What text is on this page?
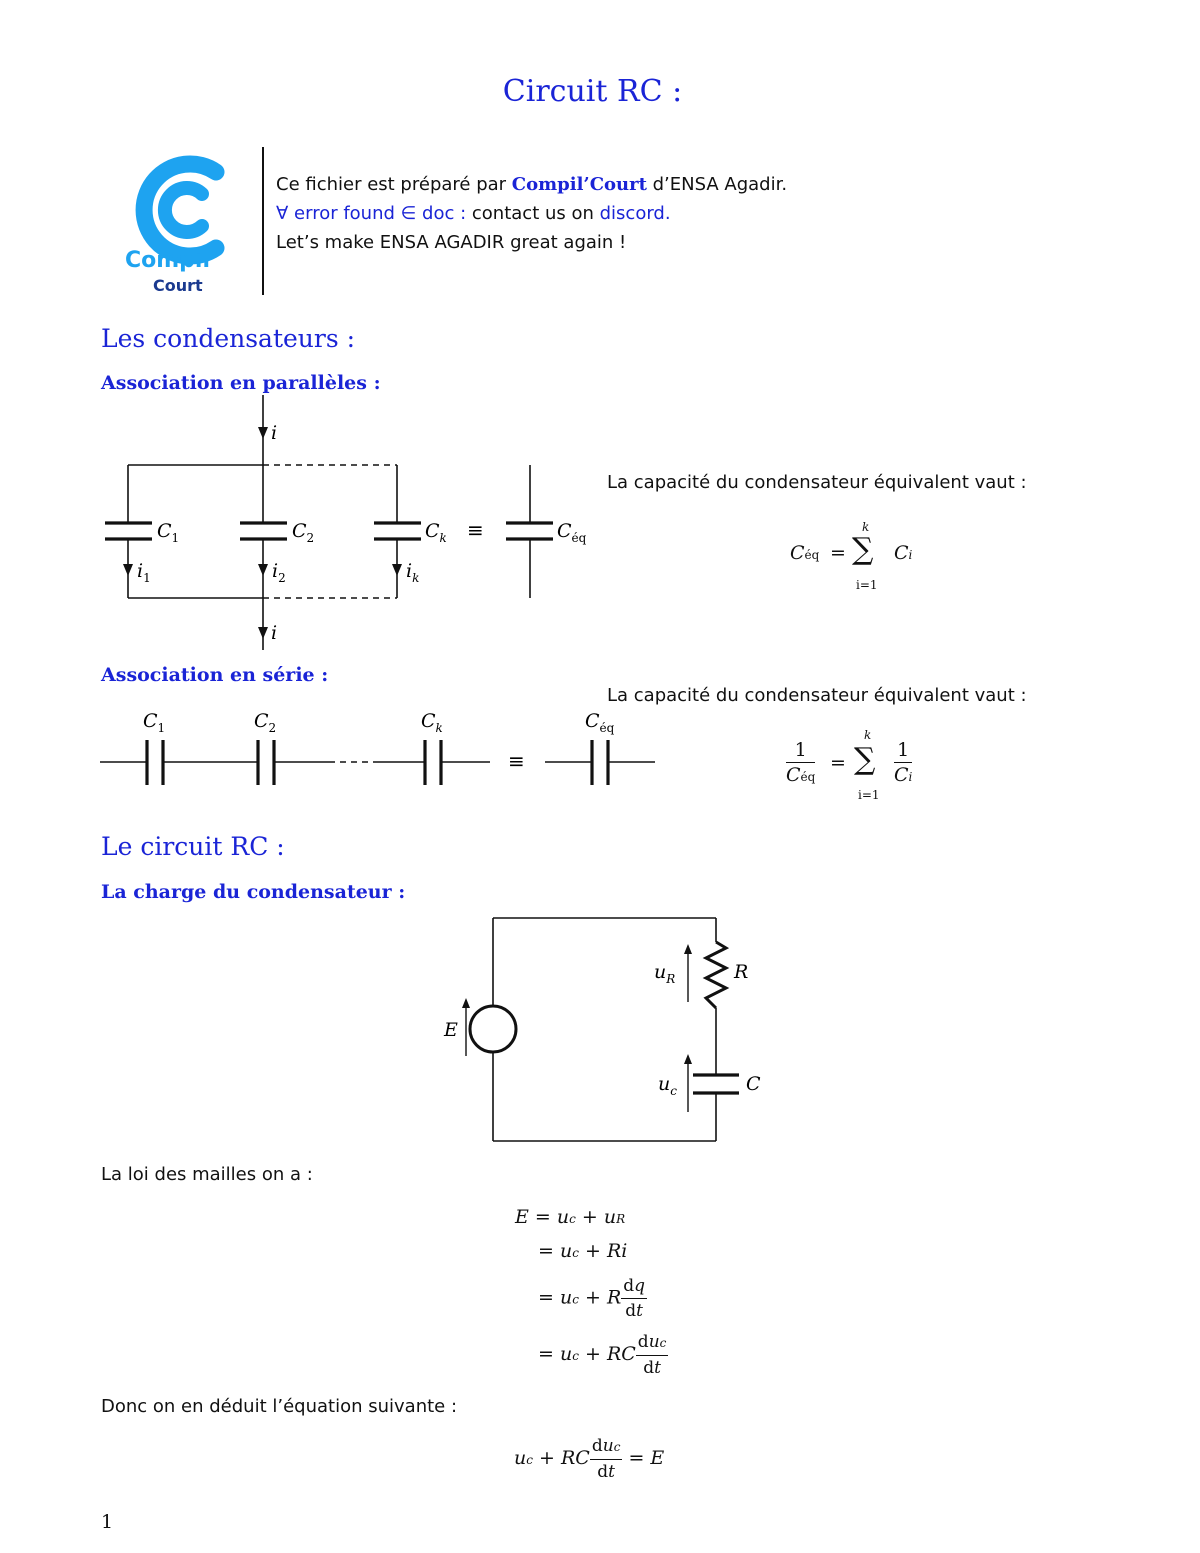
Circuit RC :
Compil’
Court
Ce fichier est préparé par Compil’Court d’ENSA Agadir.
∀ error found ∈ doc : contact us on discord.
Let’s make ENSA AGADIR great again !
Les condensateurs :
Association en parallèles :
i
$C_1$	$C_2$	$C_k$ ≡	$C_{éq}$
$i_1$	$i_2$	$i_k$
i
La capacité du condensateur équivalent vaut :
Céq = ∑
k
i=1
Ci
Association en série :
La capacité du condensateur équivalent vaut :
$C_1$	$C_2$	$C_k$
≡
$C_{éq}$
1
Céq
= ∑
k
i=1
$\frac{1}{Ci}$
Le circuit RC :
La charge du condensateur :
E
$u_R$	R
$u_c$	C
La loi des mailles on a :
E = uc + uR
= uc + Ri
= uc + R $\frac{dq}{dt}$
= uc + RC $\frac{\text{duc}}{dt}$
Donc on en déduit l’équation suivante :
uc + RC $\frac{\text{duc}}{dt} = E$
1
